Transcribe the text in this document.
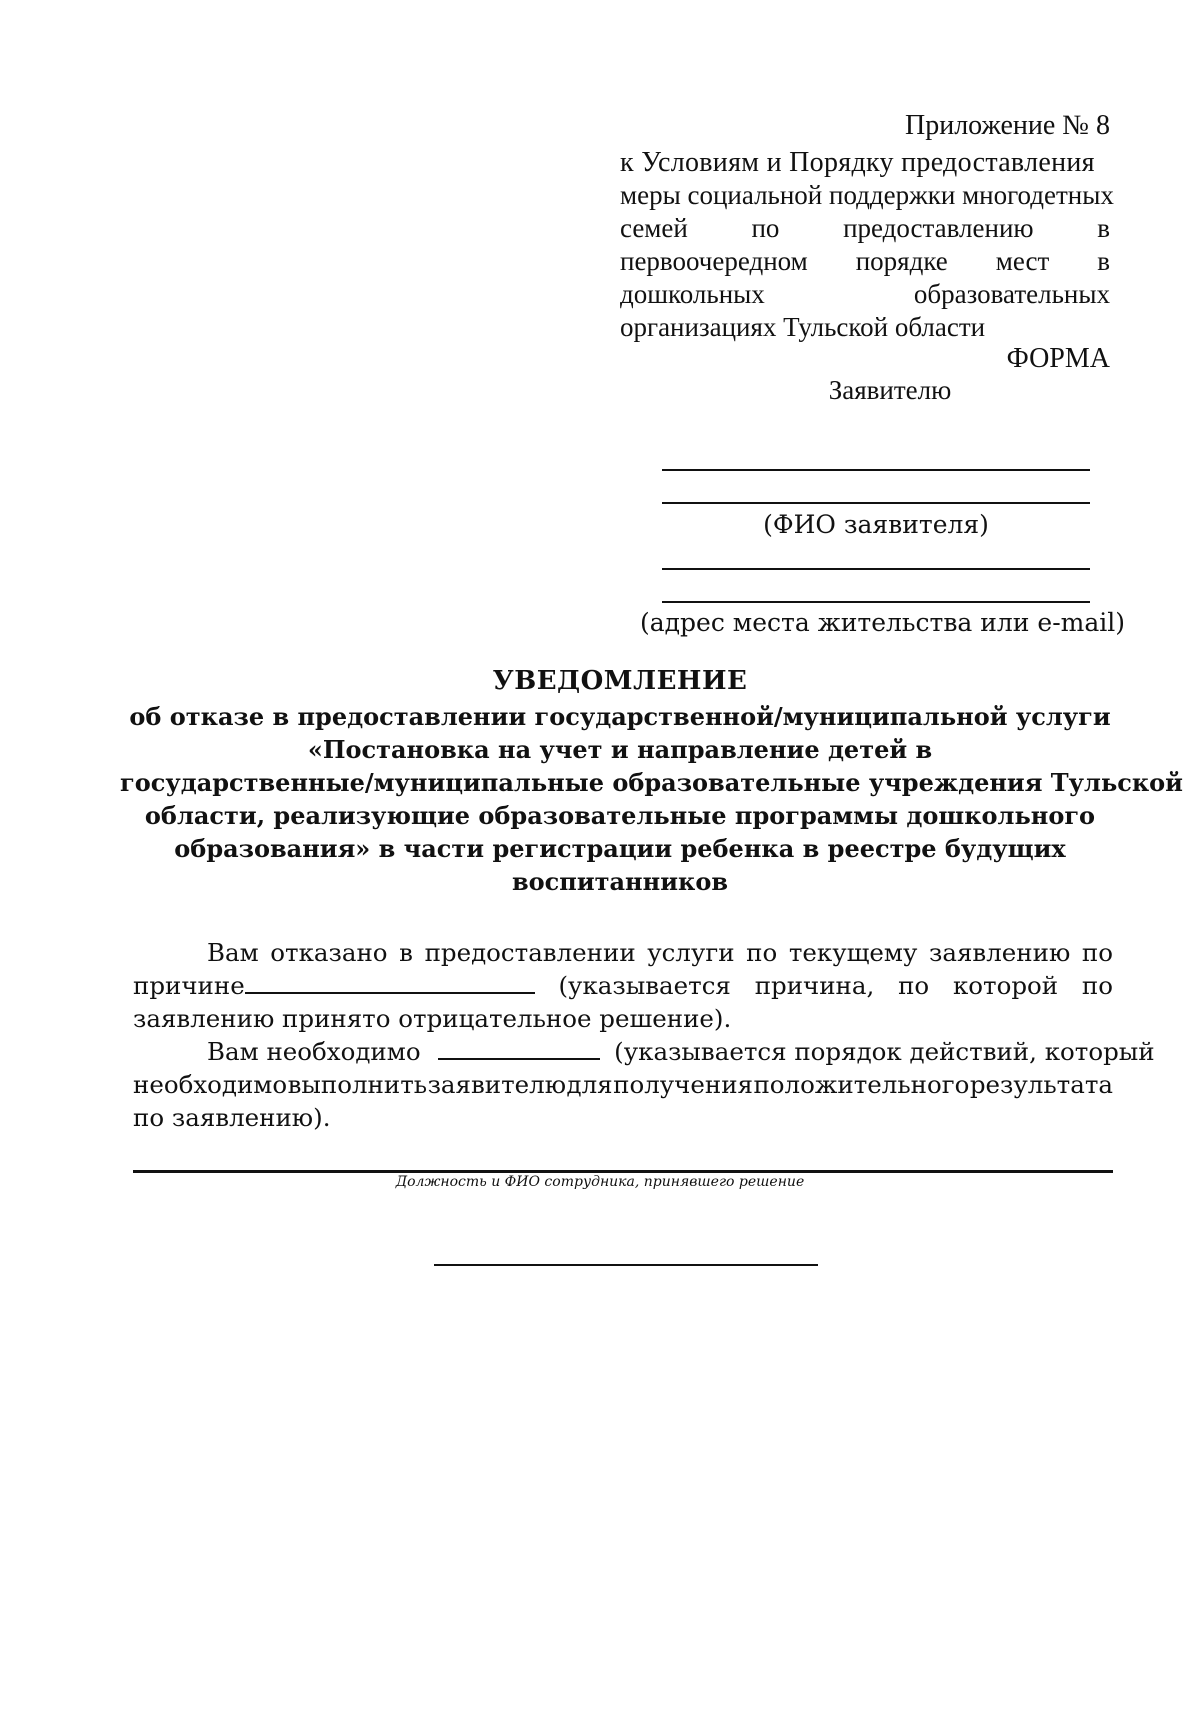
Приложение № 8
к Условиям и Порядку предоставления
меры социальной поддержки многодетных
семей по предоставлению в
первоочередном порядке мест в
дошкольных	образовательных
организациях Тульской области
ФОРМА
Заявителю
(ФИО заявителя)
(адрес места жительства или e-mail)
УВЕДОМЛЕНИЕ
об отказе в предоставлении государственной/муниципальной услуги
«Постановка на учет и направление детей в
государственные/муниципальные образовательные учреждения Тульской
области, реализующие образовательные программы дошкольного
образования» в части регистрации ребенка в реестре будущих
воспитанников
Вам отказано в предоставлении услуги по текущему заявлению по
причине	(указывается причина, по которой по
заявлению принято отрицательное решение).
Вам необходимо	(указывается порядок действий, который
необходимо выполнить заявителю для получения положительного результата
по заявлению).
Должность и ФИО сотрудника, принявшего решение
